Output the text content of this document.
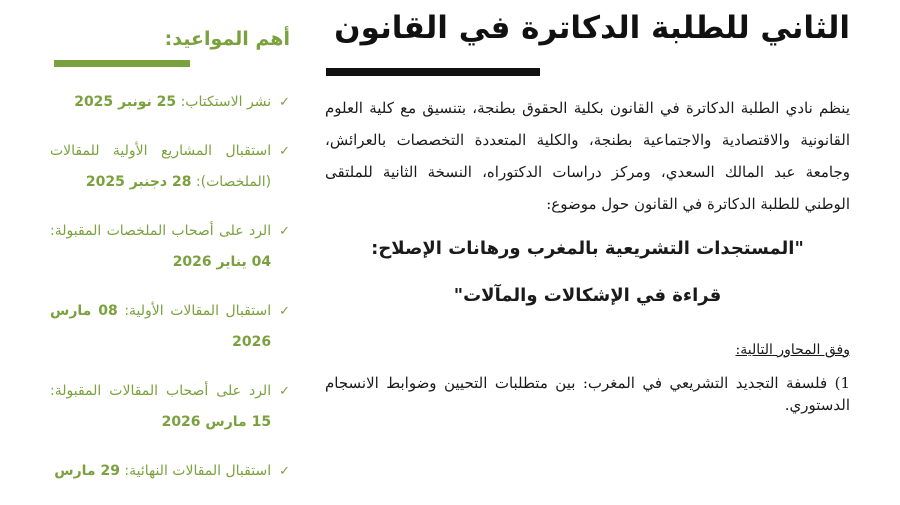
الثاني للطلبة الدكاترة في القانون
ينظم نادي الطلبة الدكاترة في القانون بكلية الحقوق بطنجة، بتنسيق مع كلية العلوم القانونية والاقتصادية والاجتماعية بطنجة، والكلية المتعددة التخصصات بالعرائش، وجامعة عبد المالك السعدي، ومركز دراسات الدكتوراه، النسخة الثانية للملتقى الوطني للطلبة الدكاترة في القانون حول موضوع:
"المستجدات التشريعية بالمغرب ورهانات الإصلاح:
قراءة في الإشكالات والمآلات"
وفق المحاور التالية:
1) فلسفة التجديد التشريعي في المغرب: بين متطلبات التحيين وضوابط الانسجام الدستوري.
أهم المواعيد:
✓
نشر الاستكتاب: 25 نونبر 2025
✓
استقبال المشاريع الأولية للمقالات (الملخصات): 28 دجنبر 2025
✓
الرد على أصحاب الملخصات المقبولة: 04 يناير 2026
✓
استقبال المقالات الأولية: 08 مارس 2026
✓
الرد على أصحاب المقالات المقبولة: 15 مارس 2026
✓
استقبال المقالات النهائية: 29 مارس
